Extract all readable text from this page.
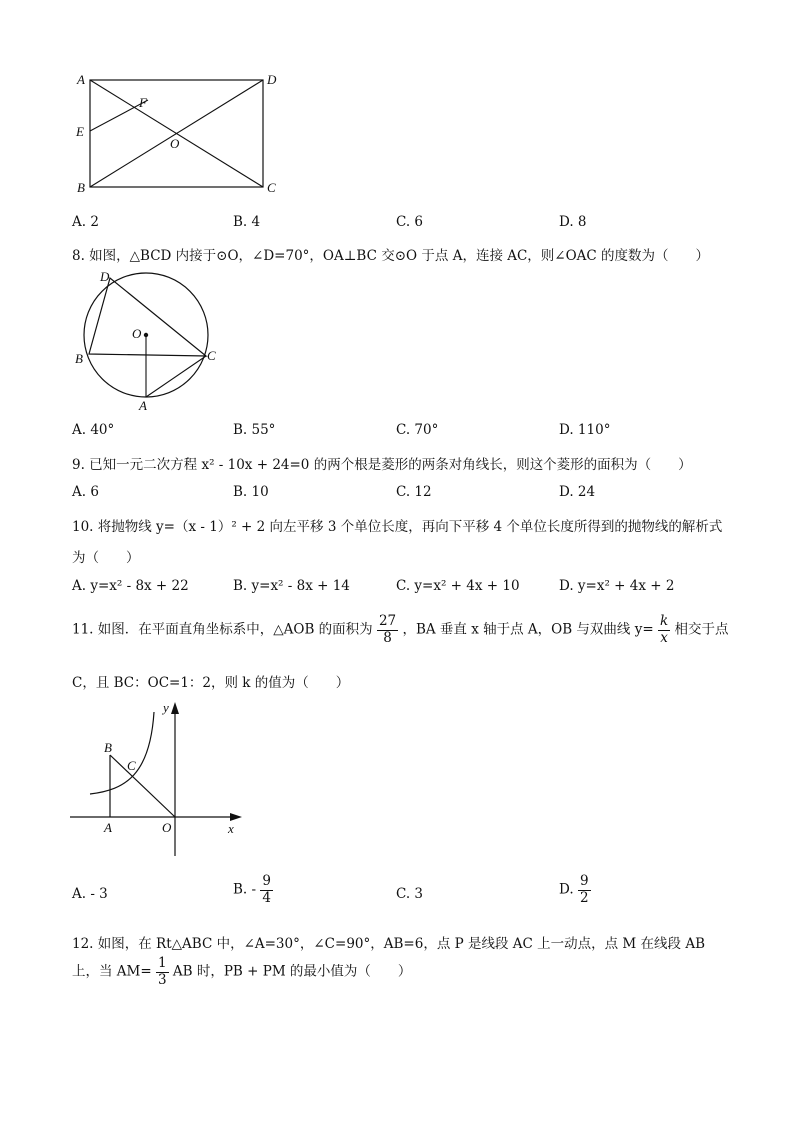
A	D
F
E
O
B	C
A. 2	B. 4	C. 6	D. 8
8. 如图，△BCD 内接于⊙O，∠D=70°，OA⊥BC 交⊙O 于点 A，连接 AC，则∠OAC 的度数为（　　）
D
O
B	C
A
A. 40°	B. 55°	C. 70°	D. 110°
9. 已知一元二次方程 x² - 10x + 24=0 的两个根是菱形的两条对角线长，则这个菱形的面积为（　　）
A. 6	B. 10	C. 12	D. 24
10. 将抛物线 y=（x - 1）² + 2 向左平移 3 个单位长度，再向下平移 4 个单位长度所得到的抛物线的解析式
为（　　）
A. y=x² - 8x + 22	B. y=x² - 8x + 14	C. y=x² + 4x + 10	D. y=x² + 4x + 2
11. 如图．在平面直角坐标系中，△AOB 的面积为 $\frac{27}{8}$ ，BA 垂直 x 轴于点 A，OB 与双曲线 $y= \frac{k}{x}$ 相交于点
C，且 BC：OC=1：2，则 k 的值为（　　）
y
B
C
A	O	x
A. - 3	B. - $\frac{9}{4}$	C. 3	D. $\frac{9}{2}$
12. 如图，在 Rt△ABC 中，∠A=30°，∠C=90°，AB=6，点 P 是线段 AC 上一动点，点 M 在线段 AB
上，当 $AM= \frac{1}{3}$ AB 时，PB + PM 的最小值为（　　）
